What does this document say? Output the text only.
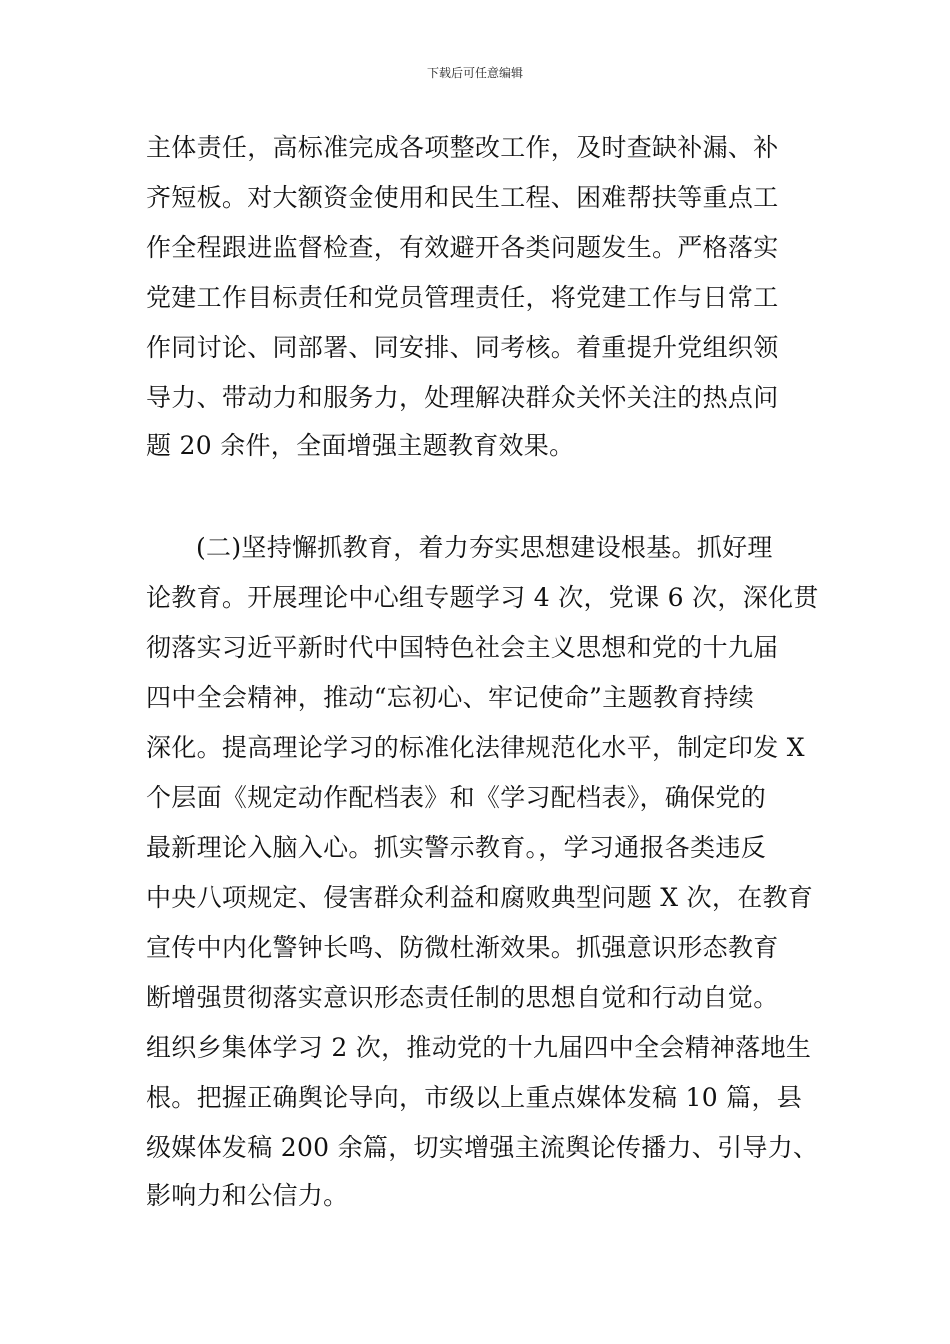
下载后可任意编辑
主体责任，高标准完成各项整改工作，及时查缺补漏、补
齐短板。对大额资金使用和民生工程、困难帮扶等重点工
作全程跟进监督检查，有效避开各类问题发生。严格落实
党建工作目标责任和党员管理责任，将党建工作与日常工
作同讨论、同部署、同安排、同考核。着重提升党组织领
导力、带动力和服务力，处理解决群众关怀关注的热点问
题 20 余件，全面增强主题教育效果。
(二)坚持懈抓教育，着力夯实思想建设根基。抓好理
论教育。开展理论中心组专题学习 4 次，党课 6 次，深化贯
彻落实习近平新时代中国特色社会主义思想和党的十九届
四中全会精神，推动“忘初心、牢记使命”主题教育持续
深化。提高理论学习的标准化法律规范化水平，制定印发 X
个层面《规定动作配档表》和《学习配档表》，确保党的
最新理论入脑入心。抓实警示教育。，学习通报各类违反
中央八项规定、侵害群众利益和腐败典型问题 X 次，在教育
宣传中内化警钟长鸣、防微杜渐效果。抓强意识形态教育
断增强贯彻落实意识形态责任制的思想自觉和行动自觉。
组织乡集体学习 2 次，推动党的十九届四中全会精神落地生
根。把握正确舆论导向，市级以上重点媒体发稿 10 篇，县
级媒体发稿 200 余篇，切实增强主流舆论传播力、引导力、
影响力和公信力。
